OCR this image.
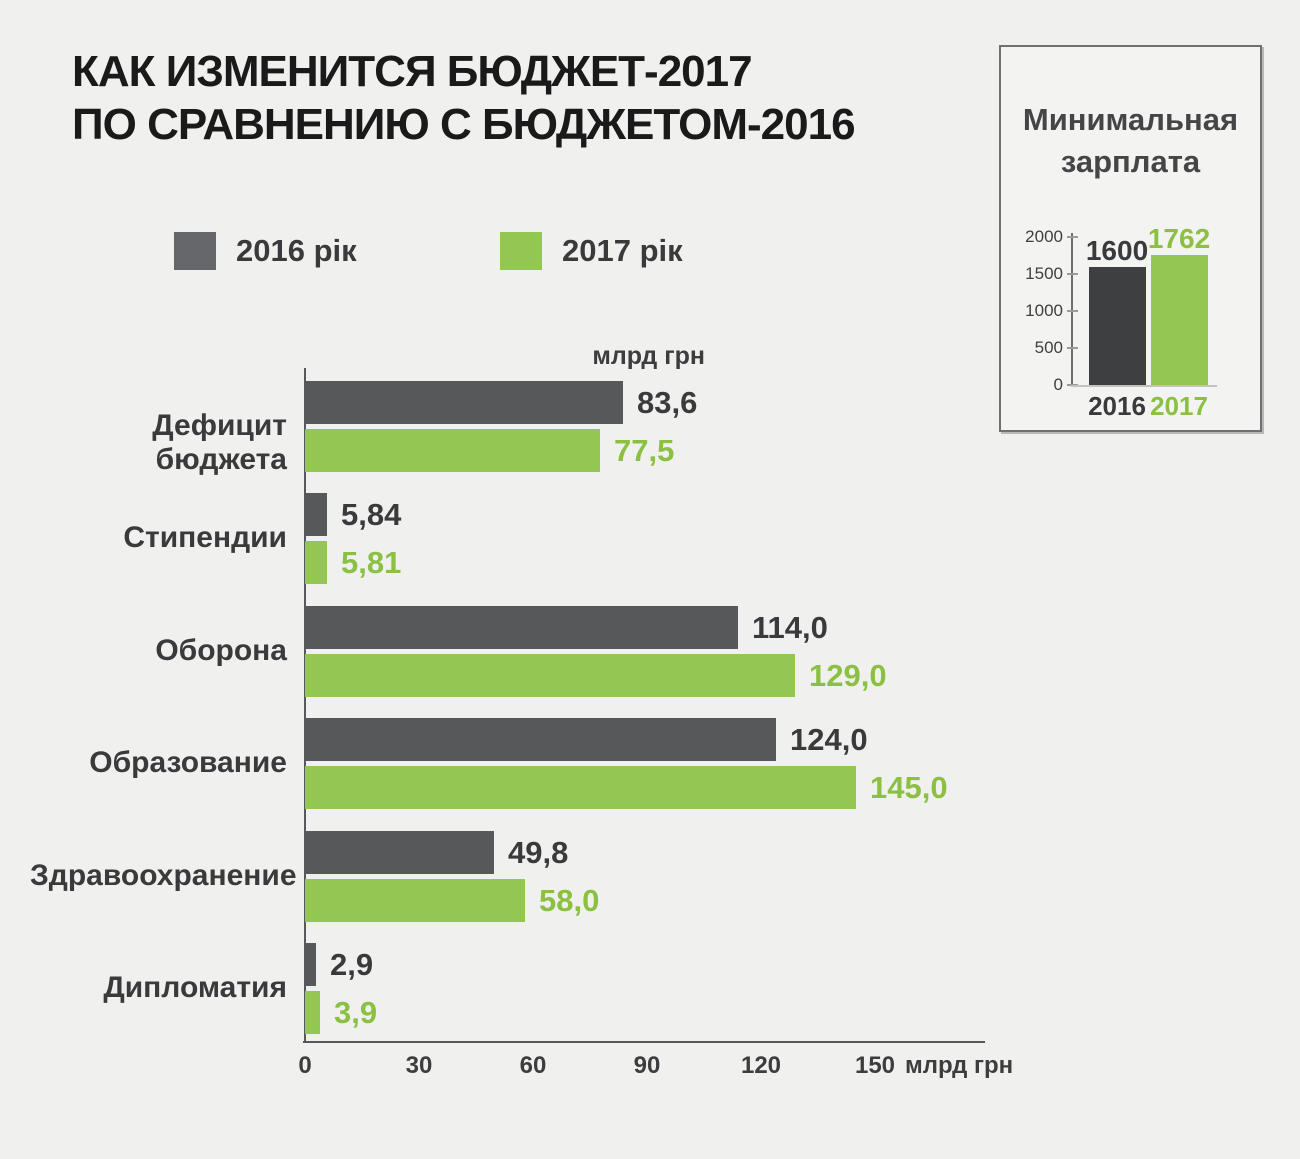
КАК ИЗМЕНИТСЯ БЮДЖЕТ-2017
ПО СРАВНЕНИЮ С БЮДЖЕТОМ-2016
2016 рік	2017 рік
млрд грн
Дефицит бюджета
83,6
77,5
Стипендии
5,84
5,81
Оборона
114,0
129,0
Образование
124,0
145,0
Здравоохранение
49,8
58,0
Дипломатия
2,9
3,9
0	30	60	90	120	150 млрд грн
Минимальная
зарплата
2000
1500
1000
500
0
1600
2016
1762
2017
